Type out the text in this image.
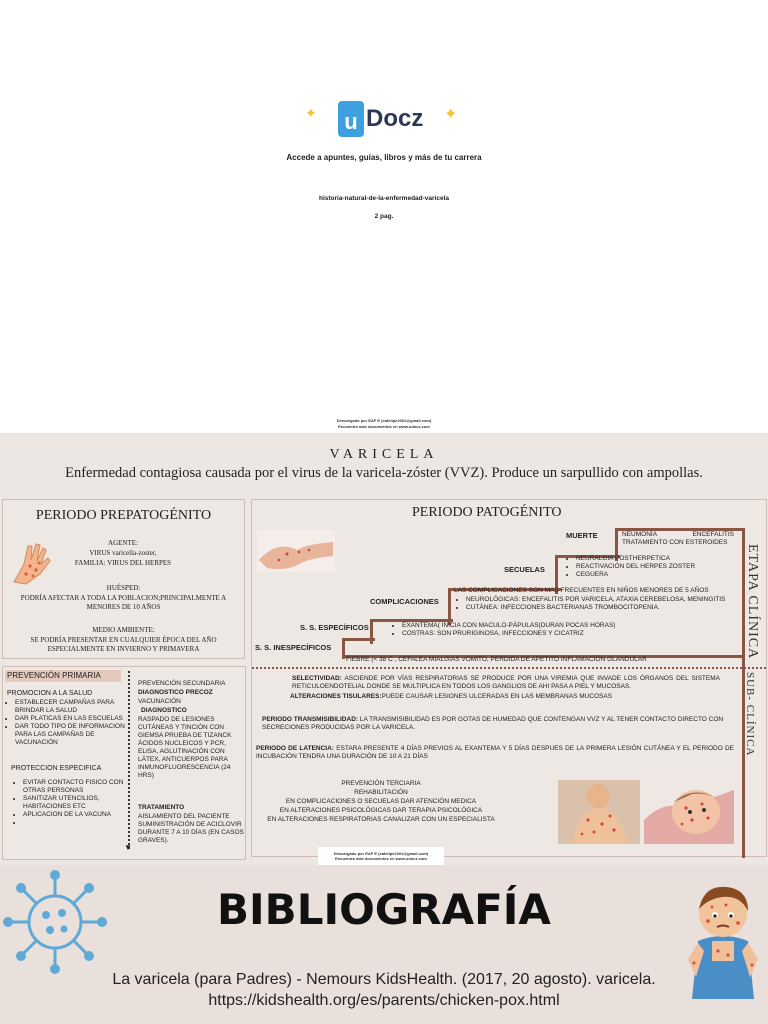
✦ u Docz ✦
Accede a apuntes, guías, libros y más de tu carrera
historia-natural-de-la-enfermedad-varicela
2 pag.
Descargado por EAF E (eafelipe2001@gmail.com)
Encuentra más documentos en www.udocz.com
VARICELA
Enfermedad contagiosa causada por el virus de la varicela-zóster (VVZ). Produce un sarpullido con ampollas.
PERIODO PREPATOGÉNITO
AGENTE:
VIRUS varicella-zoster,
FAMILIA: VIRUS DEL HERPES
HUÉSPED:
PODRÍA AFECTAR A TODA LA POBLACION;PRINCIPALMENTE A MENORES DE 10 AÑOS
MEDIO AMBIENTE:
SE PODRÍA PRESENTAR EN CUALQUIER ÉPOCA DEL AÑO ESPECIALMENTE EN INVIERNO Y PRIMAVERA
PREVENCIÓN PRIMARIA
PROMOCION A LA SALUD
• ESTABLECER CAMPAÑAS PARA BRINDAR LA SALUD
• DAR PLATICAS EN LAS ESCUELAS
• DAR TODO TIPO DE INFORMACION PARA LAS CAMPAÑAS DE VACUNACIÓN
PROTECCION ESPECIFICA
• EVITAR CONTACTO FISICO CON OTRAS PERSONAS
• SANITIZAR UTENCILIOS, HABITACIONES ETC
• APLICACION DE LA VACUNA
•
▼
PREVENCIÓN SECUNDARIA
DIAGNOSTICO PRECOZ
VACUNACIÓN
DIAGNOSTICO
RASPADO DE LESIONES CUTÁNEAS Y TINCIÓN CON GIEMSA PRUEBA DE TIZANCK ÁCIDOS NUCLEICOS Y PCR, ELISA, AGLUTINACIÓN CON LÁTEX, ANTICUERPOS PARA INMUNOFLUORESCENCIA (24 HRS)
TRATAMIENTO
AISLAMIENTO DEL PACIENTE SUMINISTRACIÓN DE ACICLOVIR DURANTE 7 A 10 DÍAS (EN CASOS GRAVES).
PERIODO PATOGÉNITO
MUERTE	NEUMONÍA ENCEFALITIS TRATAMIENTO CON ESTEROIDES
SECUELAS
• NEURALGIA POSTHERPETICA
• REACTIVACIÓN DEL HERPES ZOSTER
• CEGUERA
COMPLICACIONES
LAS COMPLICACIONES SON MAS FRECUENTES EN NIÑOS MENORES DE 5 AÑOS
• NEUROLÓGICAS: ENCEFALITIS POR VARICELA, ATAXIA CEREBELOSA, MENINGITIS
• CUTÁNEA: INFECCIONES BACTERIANAS TROMBOCITOPENIA.
S. S. ESPECÍFICOS
•	EXANTEMA( INICIA CON MACULO-PÁPULAS(DURAN POCAS HORAS)
• COSTRAS: SON PRURIGINOSA, INFECCIONES Y CICATRIZ
S. S. INESPECÍFICOS
FIEBRE (< 38 C , CEFALEA MIALGIAS VOMITO, PERDIDA DE APETITO INFLAMACIÓN GLANDULAR
ETAPA CLÍNICA
SUB- CLÍNICA
SELECTIVIDAD: ASCIENDE POR VÍAS RESPIRATORIAS SE PRODUCE POR UNA VIREMIA QUE INVADE LOS ÓRGANOS DEL SISTEMA RETICULOENDOTELIAL DONDE SE MULTIPLICA EN TODOS LOS GANGLIOS DE AHI PASA A PIEL Y MUCOSAS.
ALTERACIONES TISULARES:PUEDE CAUSAR LESIONES ULCERADAS EN LAS MEMBRANAS MUCOSAS
PERIODO TRANSMISIBILIDAD: LA TRANSMISIBILIDAD ES POR GOTAS DE HUMEDAD QUE CONTENGAN VVZ Y AL TENER CONTACTO DIRECTO CON SECRECIONES PRODUCIDAS POR LA VARICELA.
PERIODO DE LATENCIA: ESTARA PRESENTE 4 DÍAS PREVIOS AL EXANTEMA Y 5 DÍAS DESPUES DE LA PRIMERA LESIÓN CUTÁNEA Y EL PERIODO DE INCUBACIÓN TENDRA UNA DURACIÓN DE 10 A 21 DÍAS
PREVENCIÓN TERCIARIA
REHABILITACIÓN
EN COMPLICACIONES O SECUELAS DAR ATENCIÓN MEDICA
EN ALTERACIONES PSICOLÓGICAS DAR TERAPIA PSICOLÓGICA
EN ALTERACIONES RESPIRATORIAS CANALIZAR CON UN ESPECIALISTA
Descargado por EAF E (eafelipe2001@gmail.com)
Encuentra más documentos en www.udocz.com
BIBLIOGRAFÍA
La varicela (para Padres) - Nemours KidsHealth. (2017, 20 agosto). varicela.
https://kidshealth.org/es/parents/chicken-pox.html
